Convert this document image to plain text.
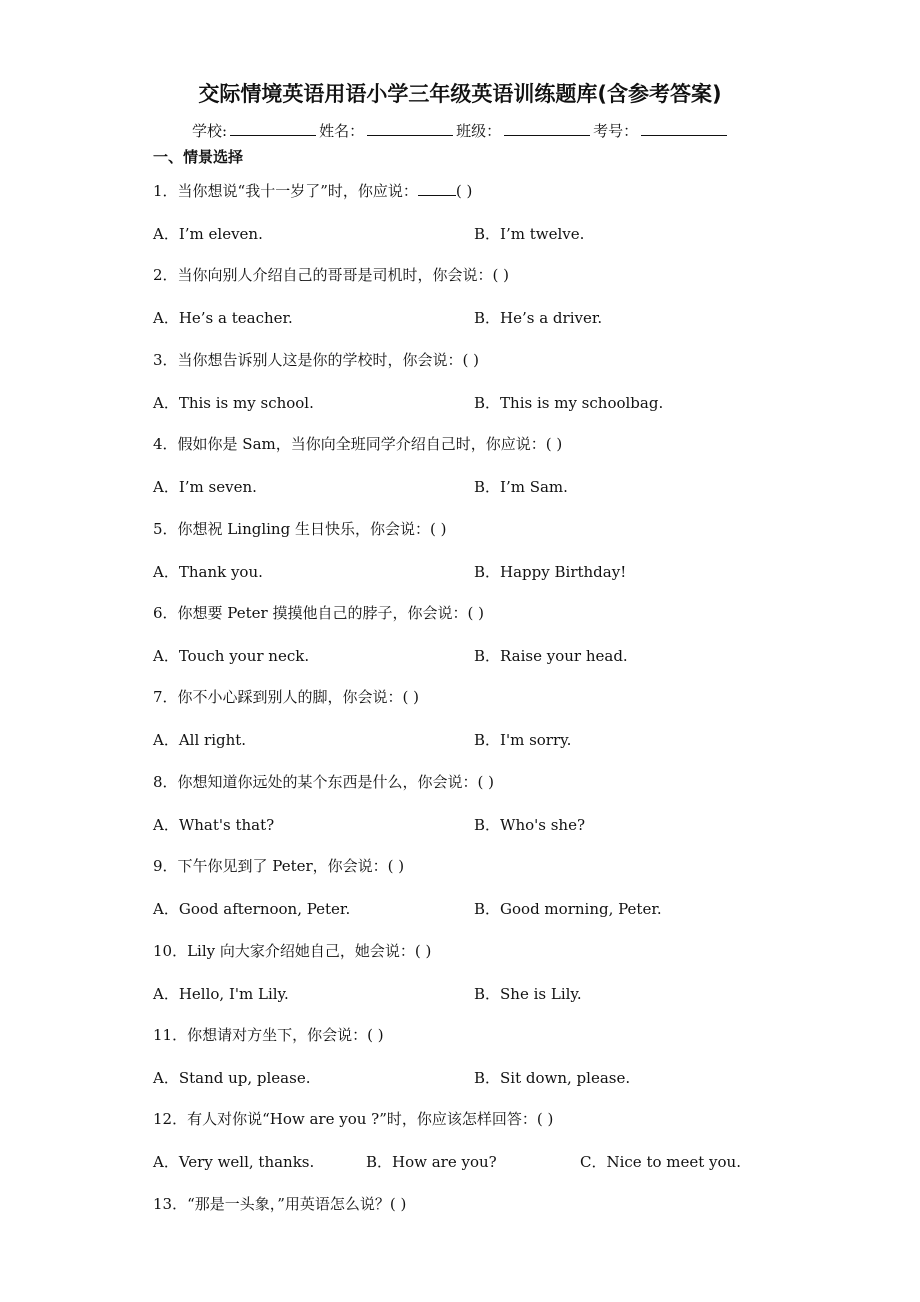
交际情境英语用语小学三年级英语训练题库(含参考答案)
学校:	姓名：	班级：	考号：
一、情景选择
1．当你想说“我十一岁了”时，你应说：	( )
A．I’m eleven.	B．I’m twelve.
2．当你向别人介绍自己的哥哥是司机时，你会说：( )
A．He’s a teacher.	B．He’s a driver.
3．当你想告诉别人这是你的学校时，你会说：( )
A．This is my school.	B．This is my schoolbag.
4．假如你是 Sam，当你向全班同学介绍自己时，你应说：( )
A．I’m seven.	B．I’m Sam.
5．你想祝 Lingling 生日快乐，你会说：( )
A．Thank you.	B．Happy Birthday!
6．你想要 Peter 摸摸他自己的脖子，你会说：( )
A．Touch your neck.	B．Raise your head.
7．你不小心踩到别人的脚，你会说：( )
A．All right.	B．I'm sorry.
8．你想知道你远处的某个东西是什么，你会说：( )
A．What's that?	B．Who's she?
9．下午你见到了 Peter，你会说：( )
A．Good afternoon, Peter.	B．Good morning, Peter.
10．Lily 向大家介绍她自己，她会说：( )
A．Hello, I'm Lily.	B．She is Lily.
11．你想请对方坐下，你会说：( )
A．Stand up, please.	B．Sit down, please.
12．有人对你说“How are you ?”时，你应该怎样回答：( )
A．Very well, thanks.	B．How are you?	C．Nice to meet you.
13．“那是一头象，”用英语怎么说？( )
